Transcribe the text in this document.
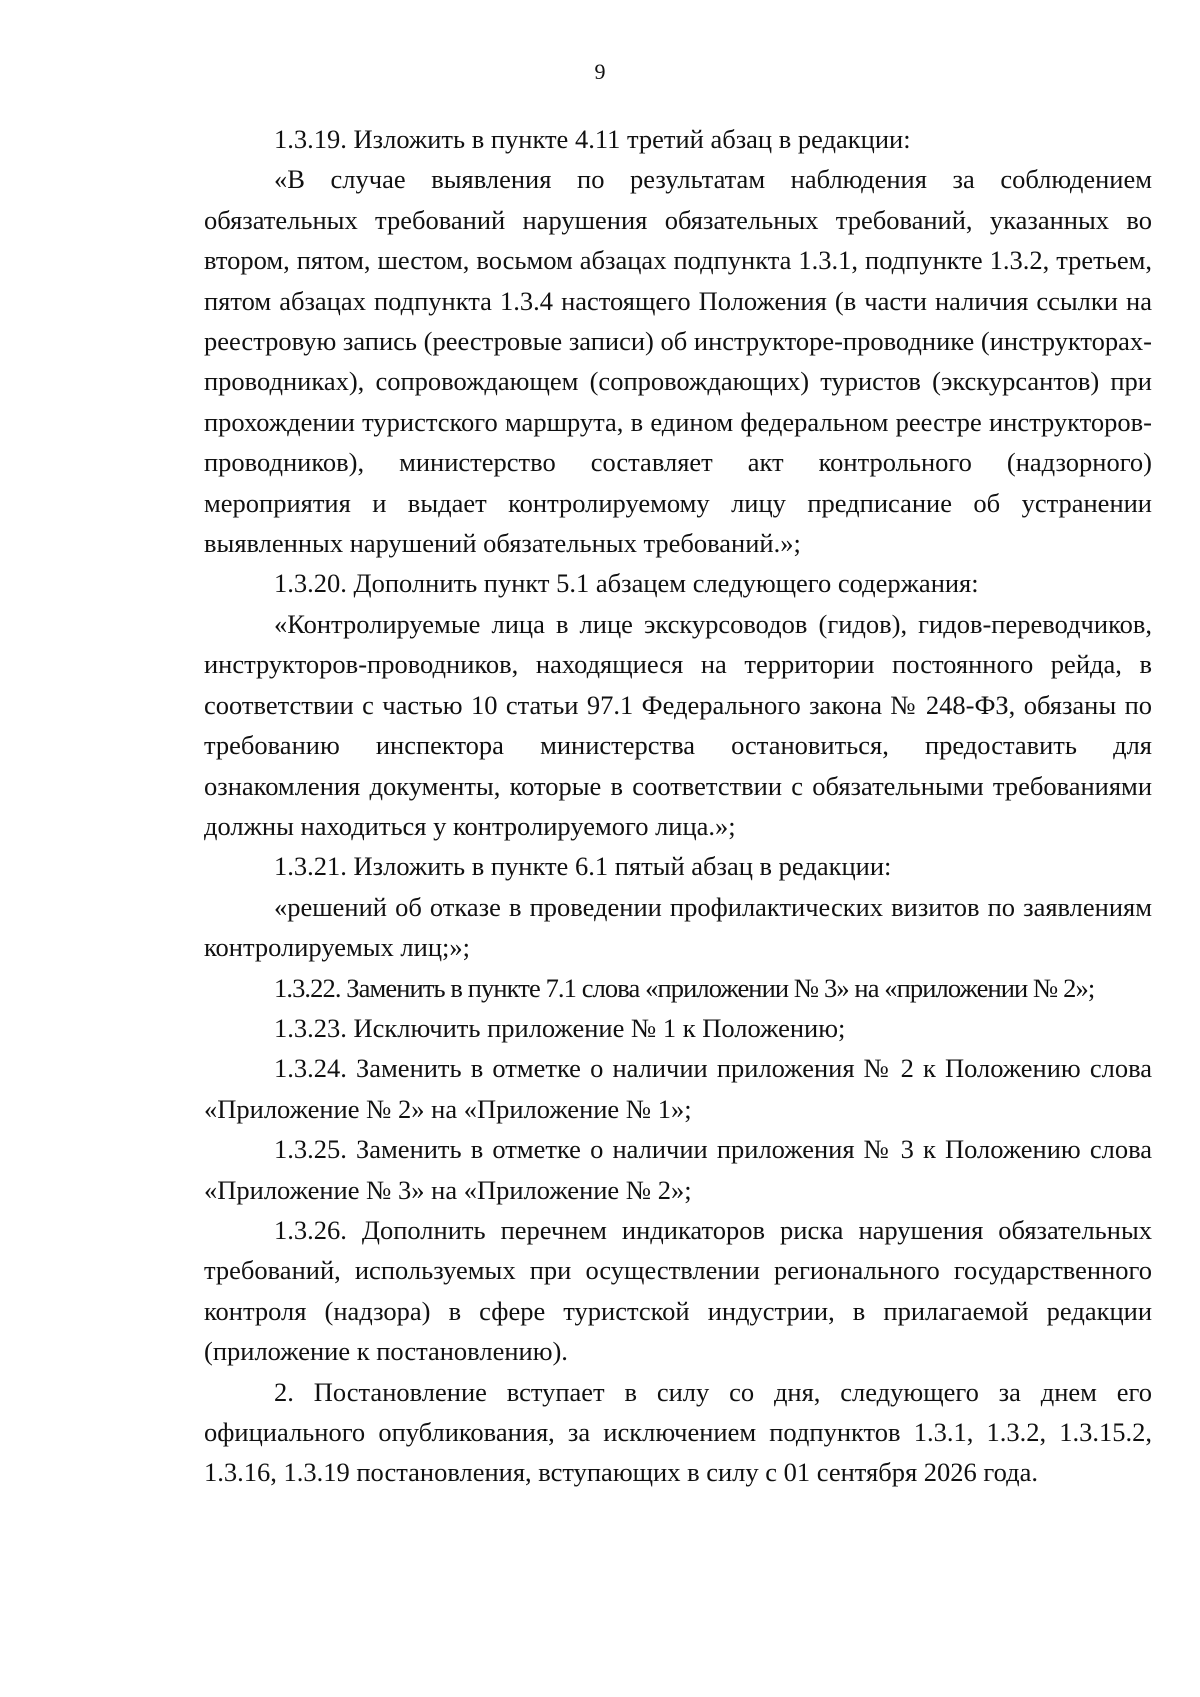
9

1.3.19. Изложить в пункте 4.11 третий абзац в редакции:

«В случае выявления по результатам наблюдения за соблюдением обязательных требований нарушения обязательных требований, указанных во втором, пятом, шестом, восьмом абзацах подпункта 1.3.1, подпункте 1.3.2, третьем, пятом абзацах подпункта 1.3.4 настоящего Положения (в части наличия ссылки на реестровую запись (реестровые записи) об инструкторе-проводнике (инструкторах-проводниках), сопровождающем (сопровождающих) туристов (экскурсантов) при прохождении туристского маршрута, в едином федеральном реестре инструкторов-проводников), министерство составляет акт контрольного (надзорного) мероприятия и выдает контролируемому лицу предписание об устранении выявленных нарушений обязательных требований.»;

1.3.20. Дополнить пункт 5.1 абзацем следующего содержания:

«Контролируемые лица в лице экскурсоводов (гидов), гидов-переводчиков, инструкторов-проводников, находящиеся на территории постоянного рейда, в соответствии с частью 10 статьи 97.1 Федерального закона № 248-ФЗ, обязаны по требованию инспектора министерства остановиться, предоставить для ознакомления документы, которые в соответствии с обязательными требованиями должны находиться у контролируемого лица.»;

1.3.21. Изложить в пункте 6.1 пятый абзац в редакции:

«решений об отказе в проведении профилактических визитов по заявлениям контролируемых лиц;»;

1.3.22. Заменить в пункте 7.1 слова «приложении № 3» на «приложении № 2»;

1.3.23. Исключить приложение № 1 к Положению;

1.3.24. Заменить в отметке о наличии приложения № 2 к Положению слова «Приложение № 2» на «Приложение № 1»;

1.3.25. Заменить в отметке о наличии приложения № 3 к Положению слова «Приложение № 3» на «Приложение № 2»;

1.3.26. Дополнить перечнем индикаторов риска нарушения обязательных требований, используемых при осуществлении регионального государственного контроля (надзора) в сфере туристской индустрии, в прилагаемой редакции (приложение к постановлению).

2. Постановление вступает в силу со дня, следующего за днем его официального опубликования, за исключением подпунктов 1.3.1, 1.3.2, 1.3.15.2, 1.3.16, 1.3.19 постановления, вступающих в силу с 01 сентября 2026 года.
